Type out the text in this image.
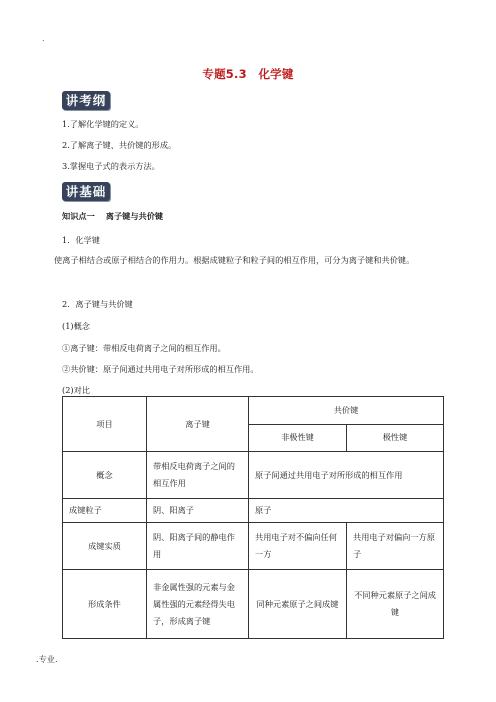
.
专题5.3　化学键
讲考纲
1.了解化学键的定义。
2.了解离子键、共价键的形成。
3.掌握电子式的表示方法。
讲基础
知识点一　 离子键与共价键
1．化学键
使离子相结合或原子相结合的作用力。根据成键粒子和粒子间的相互作用，可分为离子键和共价键。
2．离子键与共价键
(1)概念
①离子键：带相反电荷离子之间的相互作用。
②共价键：原子间通过共用电子对所形成的相互作用。
(2)对比
项目	离子键	共价键	
		非极性键	极性键
概念	带相反电荷离子之间的相互作用	原子间通过共用电子对所形成的相互作用	
成键粒子	阴、阳离子	原子	
成键实质	阴、阳离子间的静电作用	共用电子对不偏向任何一方	共用电子对偏向一方原子
形成条件	非金属性强的元素与金属性强的元素经得失电子，形成离子键	同种元素原子之间成键	不同种元素原子之间成键
.专业.
